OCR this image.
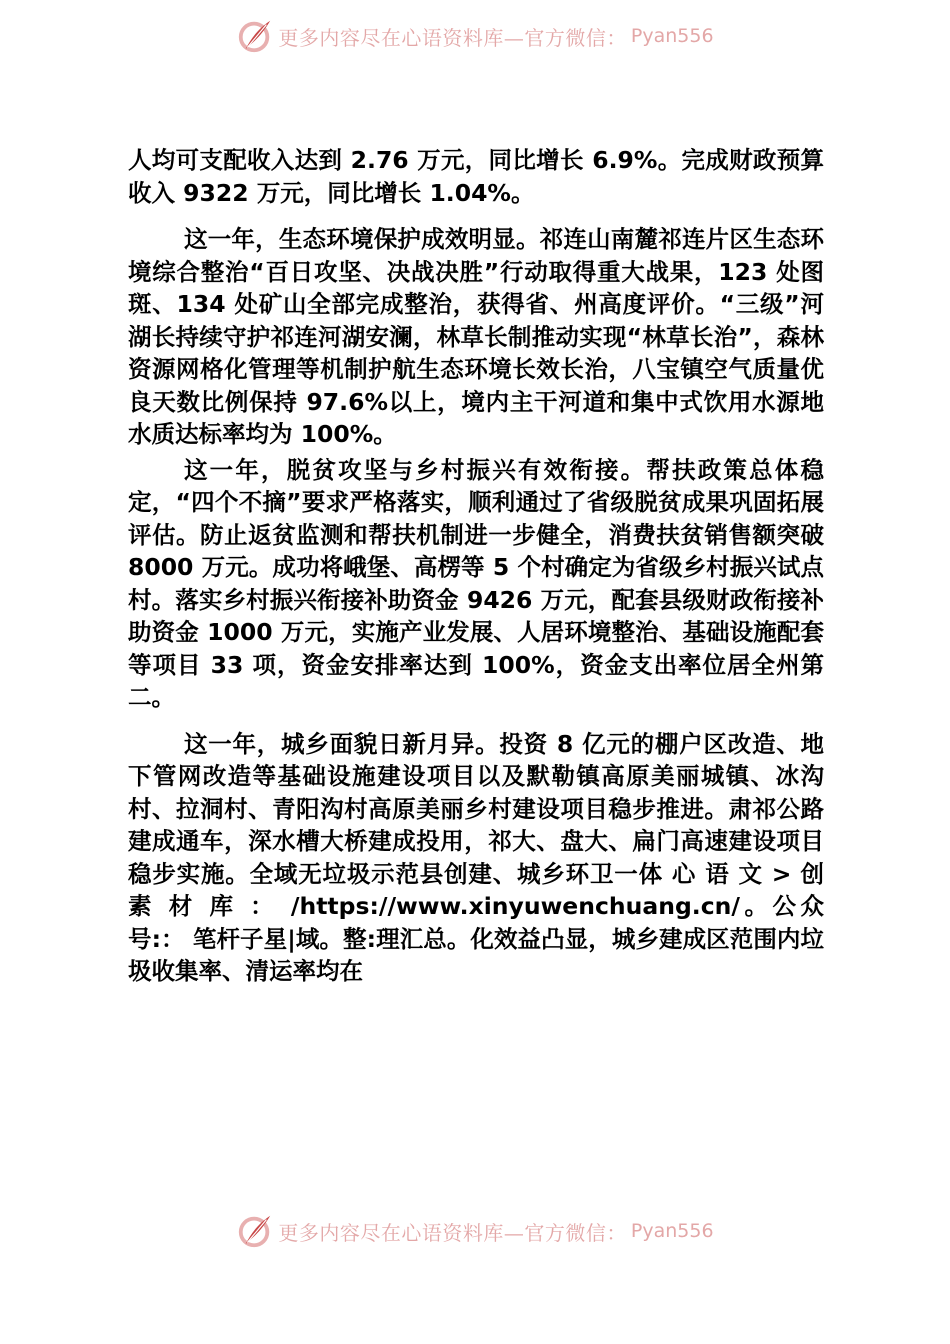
更多内容尽在心语资料库—官方微信： Pyan556

人均可支配收入达到 2.76 万元，同比增长 6.9%。完成财政预算收入 9322 万元，同比增长 1.04%。

这一年，生态环境保护成效明显。祁连山南麓祁连片区生态环境综合整治“百日攻坚、决战决胜”行动取得重大战果，123 处图斑、134 处矿山全部完成整治，获得省、州高度评价。“三级”河湖长持续守护祁连河湖安澜，林草长制推动实现“林草长治”，森林资源网格化管理等机制护航生态环境长效长治，八宝镇空气质量优良天数比例保持 97.6%以上，境内主干河道和集中式饮用水源地水质达标率均为 100%。

这一年，脱贫攻坚与乡村振兴有效衔接。帮扶政策总体稳定，“四个不摘”要求严格落实，顺利通过了省级脱贫成果巩固拓展评估。防止返贫监测和帮扶机制进一步健全，消费扶贫销售额突破 8000 万元。成功将峨堡、高楞等 5 个村确定为省级乡村振兴试点村。落实乡村振兴衔接补助资金 9426 万元，配套县级财政衔接补助资金 1000 万元，实施产业发展、人居环境整治、基础设施配套等项目 33 项，资金安排率达到 100%，资金支出率位居全州第二。

这一年，城乡面貌日新月异。投资 8 亿元的棚户区改造、地下管网改造等基础设施建设项目以及默勒镇高原美丽城镇、冰沟村、拉洞村、青阳沟村高原美丽乡村建设项目稳步推进。肃祁公路建成通车，深水槽大桥建成投用，祁大、盘大、扁门高速建设项目稳步实施。全域无垃圾示范县创建、城乡环卫一体 心 语 文 > 创 素 材 库 ： /https://www.xinyuwenchuang.cn/。公众号:： 笔杆子星|域。整:理汇总。化效益凸显，城乡建成区范围内垃圾收集率、清运率均在

更多内容尽在心语资料库—官方微信： Pyan556
